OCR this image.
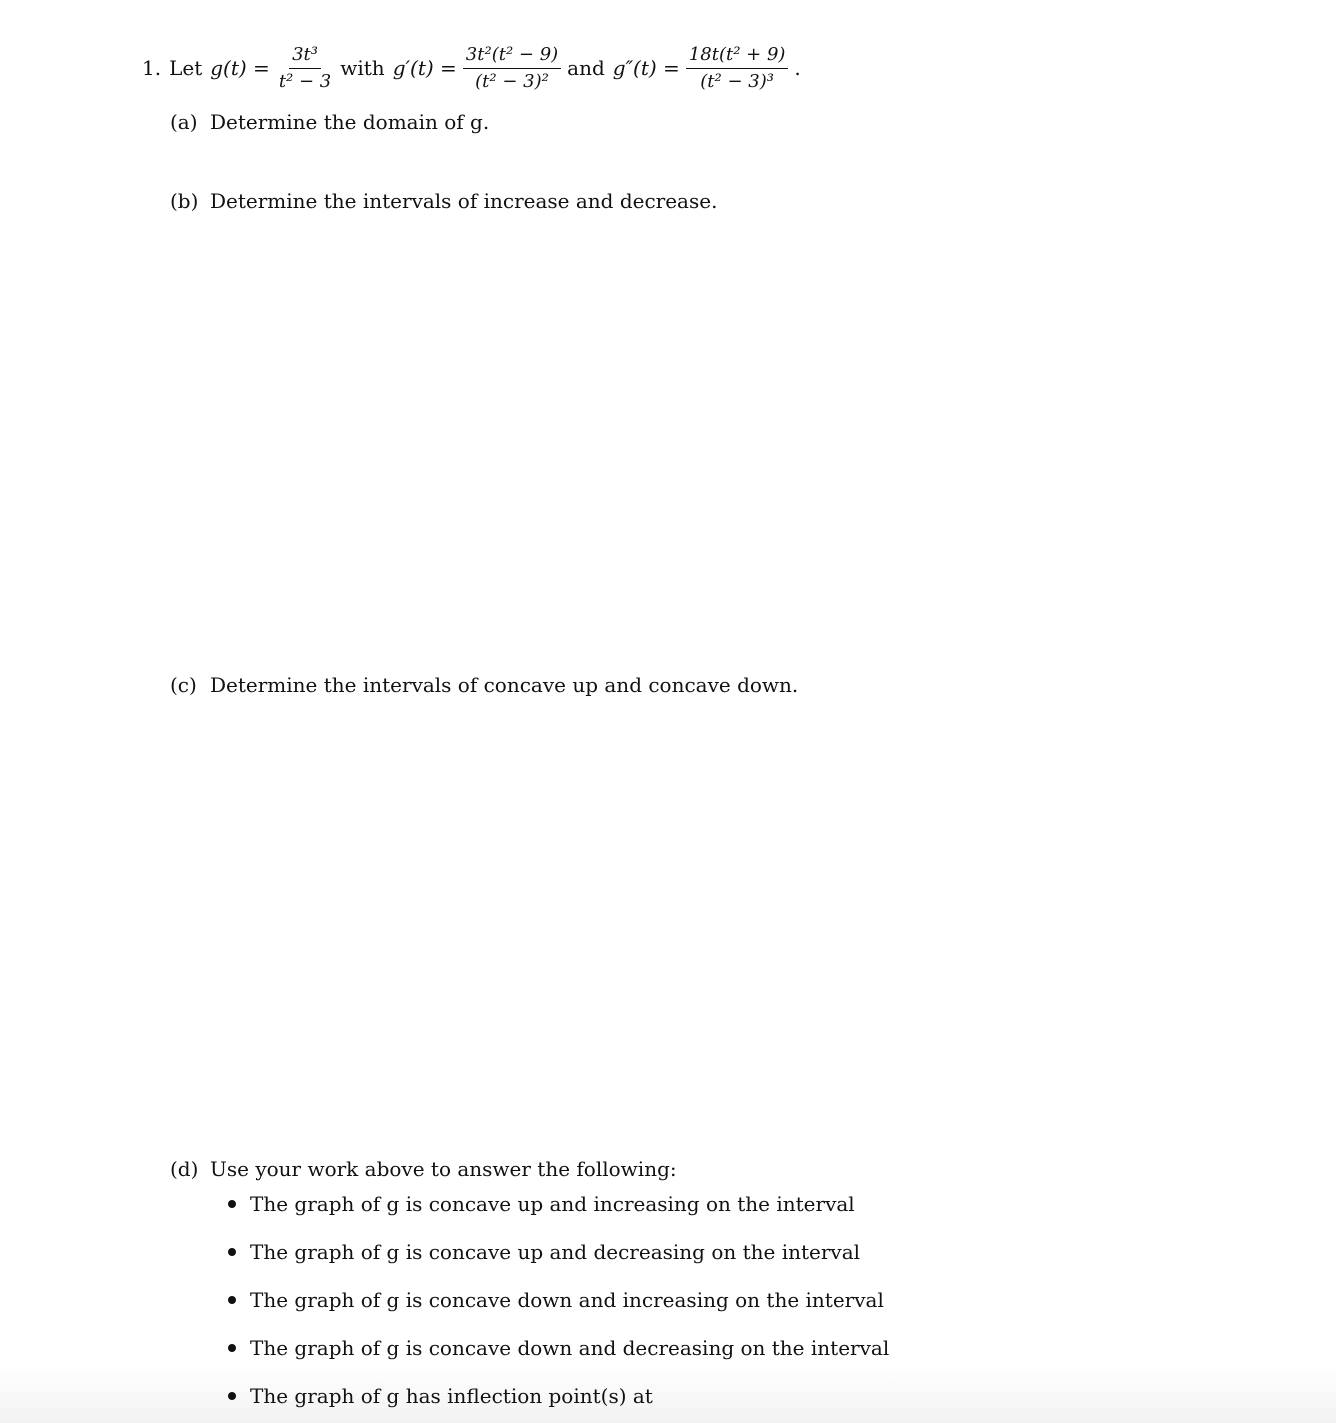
1. Let $g(t) = \frac{\text{3t³}}{\text{t² − 3}}$ with $g'(t) = \frac{\text{3t²(t² − 9)}}{\text{(t² − 3)²}}$ and $g''(t) = \frac{\text{18t(t² + 9)}}{\text{(t² − 3)³}}$ .
(a) Determine the domain of g.
(b) Determine the intervals of increase and decrease.
(c) Determine the intervals of concave up and concave down.
(d) Use your work above to answer the following:
The graph of g is concave up and increasing on the interval
The graph of g is concave up and decreasing on the interval
The graph of g is concave down and increasing on the interval
The graph of g is concave down and decreasing on the interval
The graph of g has inflection point(s) at
